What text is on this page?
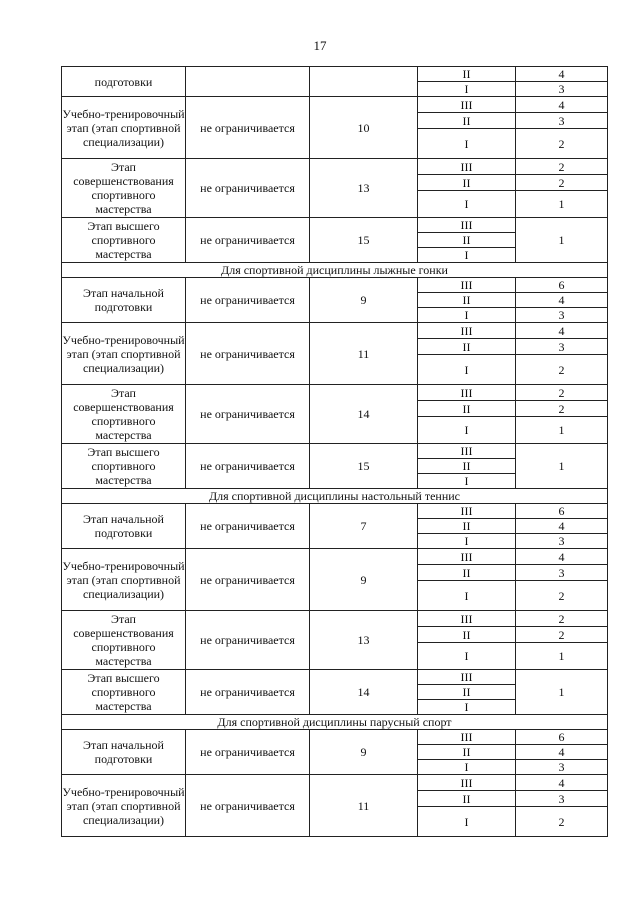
17
подготовки			II	4
			I	3
Учебно-тренировочный этап (этап спортивной специализации)	не ограничивается	10	III	4
			II	3
			I	2
Этап совершенствования спортивного мастерства	не ограничивается	13	III	2
			II	2
			I	1
Этап высшего спортивного мастерства	не ограничивается	15	III	1
			II	
			I	
Для спортивной дисциплины лыжные гонки				
Этап начальной подготовки	не ограничивается	9	III	6
			II	4
			I	3
Учебно-тренировочный этап (этап спортивной специализации)	не ограничивается	11	III	4
			II	3
			I	2
Этап совершенствования спортивного мастерства	не ограничивается	14	III	2
			II	2
			I	1
Этап высшего спортивного мастерства	не ограничивается	15	III	1
			II	
			I	
Для спортивной дисциплины настольный теннис				
Этап начальной подготовки	не ограничивается	7	III	6
			II	4
			I	3
Учебно-тренировочный этап (этап спортивной специализации)	не ограничивается	9	III	4
			II	3
			I	2
Этап совершенствования спортивного мастерства	не ограничивается	13	III	2
			II	2
			I	1
Этап высшего спортивного мастерства	не ограничивается	14	III	1
			II	
			I	
Для спортивной дисциплины парусный спорт				
Этап начальной подготовки	не ограничивается	9	III	6
			II	4
			I	3
Учебно-тренировочный этап (этап спортивной специализации)	не ограничивается	11	III	4
			II	3
			I	2
